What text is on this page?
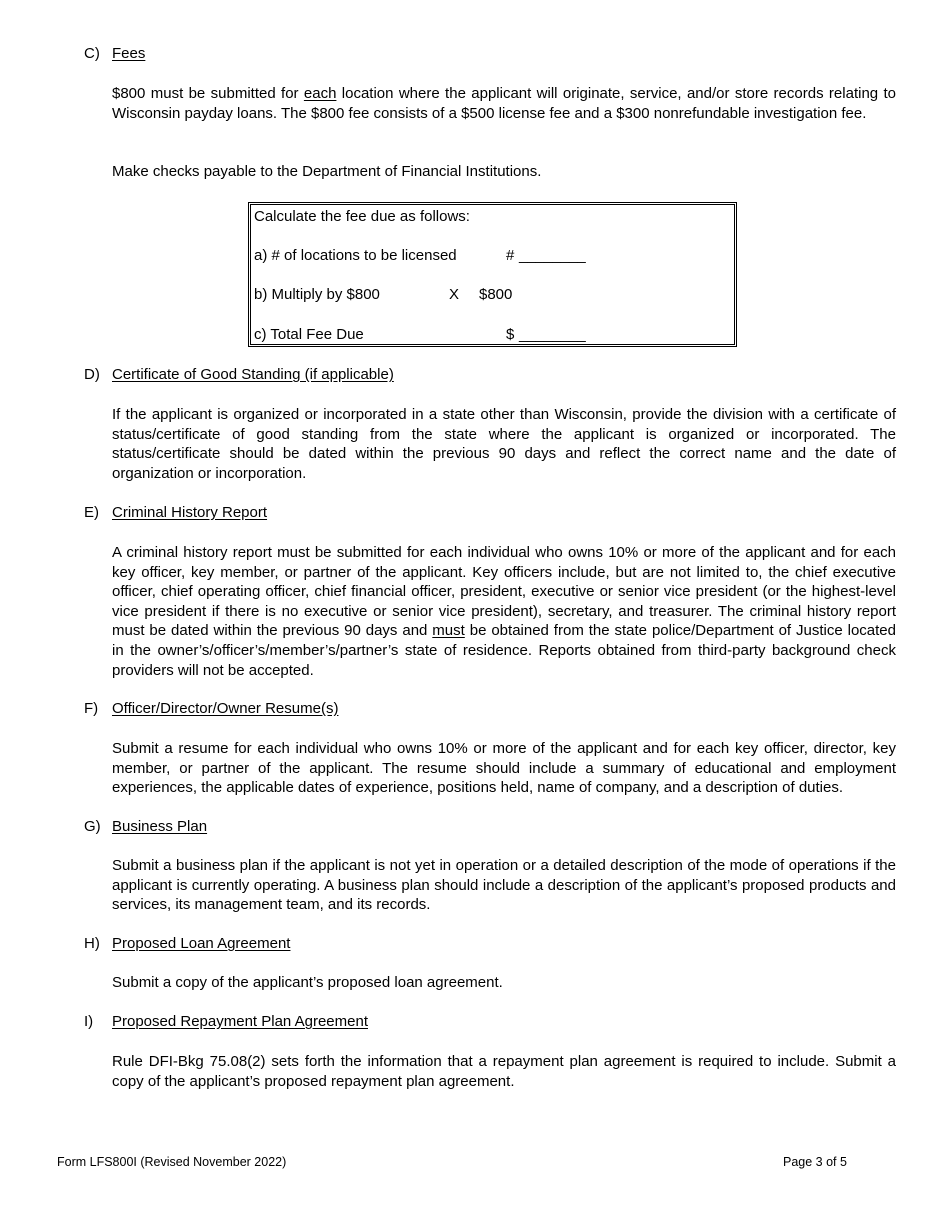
C) Fees

$800 must be submitted for each location where the applicant will originate, service, and/or store records relating to Wisconsin payday loans. The $800 fee consists of a $500 license fee and a $300 nonrefundable investigation fee.

Make checks payable to the Department of Financial Institutions.

Calculate the fee due as follows:
a) # of locations to be licensed	# ________
b) Multiply by $800	X $800
c) Total Fee Due	$ ________
D) Certificate of Good Standing (if applicable)

If the applicant is organized or incorporated in a state other than Wisconsin, provide the division with a certificate of status/certificate of good standing from the state where the applicant is organized or incorporated. The status/certificate should be dated within the previous 90 days and reflect the correct name and the date of organization or incorporation.

E) Criminal History Report

A criminal history report must be submitted for each individual who owns 10% or more of the applicant and for each key officer, key member, or partner of the applicant. Key officers include, but are not limited to, the chief executive officer, chief operating officer, chief financial officer, president, executive or senior vice president (or the highest-level vice president if there is no executive or senior vice president), secretary, and treasurer. The criminal history report must be dated within the previous 90 days and must be obtained from the state police/Department of Justice located in the owner’s/officer’s/member’s/partner’s state of residence. Reports obtained from third-party background check providers will not be accepted.

F) Officer/Director/Owner Resume(s)

Submit a resume for each individual who owns 10% or more of the applicant and for each key officer, director, key member, or partner of the applicant. The resume should include a summary of educational and employment experiences, the applicable dates of experience, positions held, name of company, and a description of duties.

G) Business Plan

Submit a business plan if the applicant is not yet in operation or a detailed description of the mode of operations if the applicant is currently operating. A business plan should include a description of the applicant’s proposed products and services, its management team, and its records.

H) Proposed Loan Agreement

Submit a copy of the applicant’s proposed loan agreement.

I) Proposed Repayment Plan Agreement

Rule DFI-Bkg 75.08(2) sets forth the information that a repayment plan agreement is required to include. Submit a copy of the applicant’s proposed repayment plan agreement.

Form LFS800I (Revised November 2022)	Page 3 of 5
